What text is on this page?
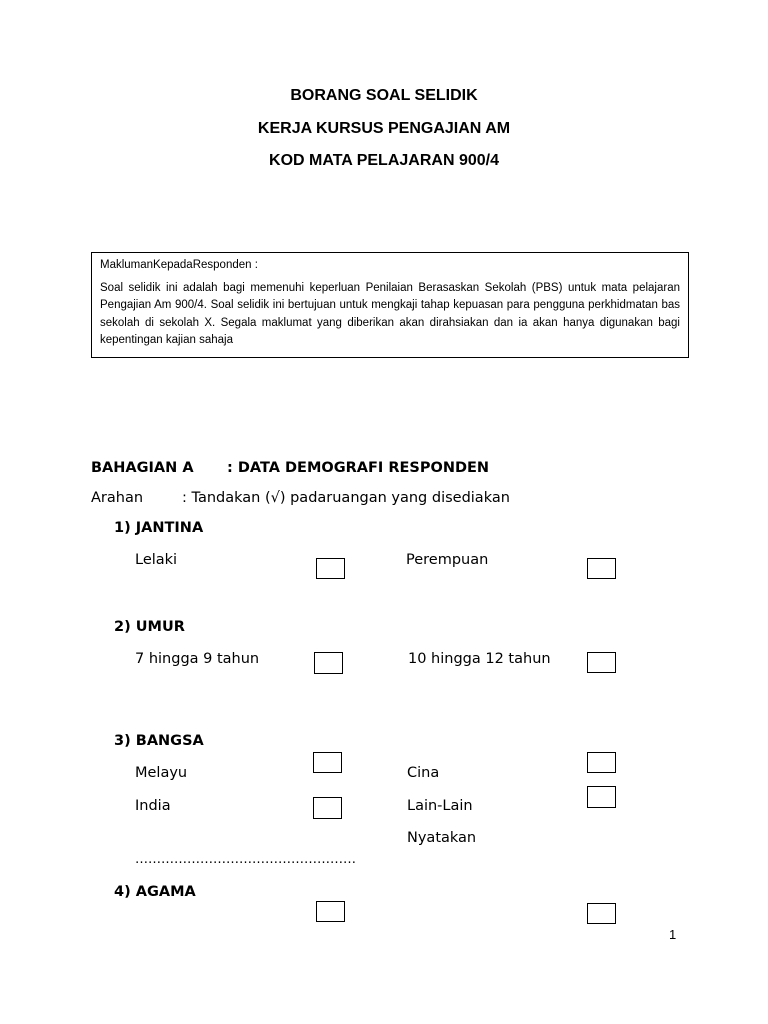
BORANG SOAL SELIDIK
KERJA KURSUS PENGAJIAN AM
KOD MATA PELAJARAN 900/4
MaklumanKepadaResponden :
Soal selidik ini adalah bagi memenuhi keperluan Penilaian Berasaskan Sekolah (PBS) untuk mata pelajaran Pengajian Am 900/4. Soal selidik ini bertujuan untuk mengkaji tahap kepuasan para pengguna perkhidmatan bas sekolah di sekolah X. Segala maklumat yang diberikan akan dirahsiakan dan ia akan hanya digunakan bagi kepentingan kajian sahaja
BAHAGIAN A : DATA DEMOGRAFI RESPONDEN
Arahan	: Tandakan (√) padaruangan yang disediakan
1) JANTINA
Lelaki	Perempuan
2) UMUR
7 hingga 9 tahun	10 hingga 12 tahun
3) BANGSA
Melayu	Cina
India	Lain-Lain
Nyatakan
……………………………………………
4) AGAMA
1
